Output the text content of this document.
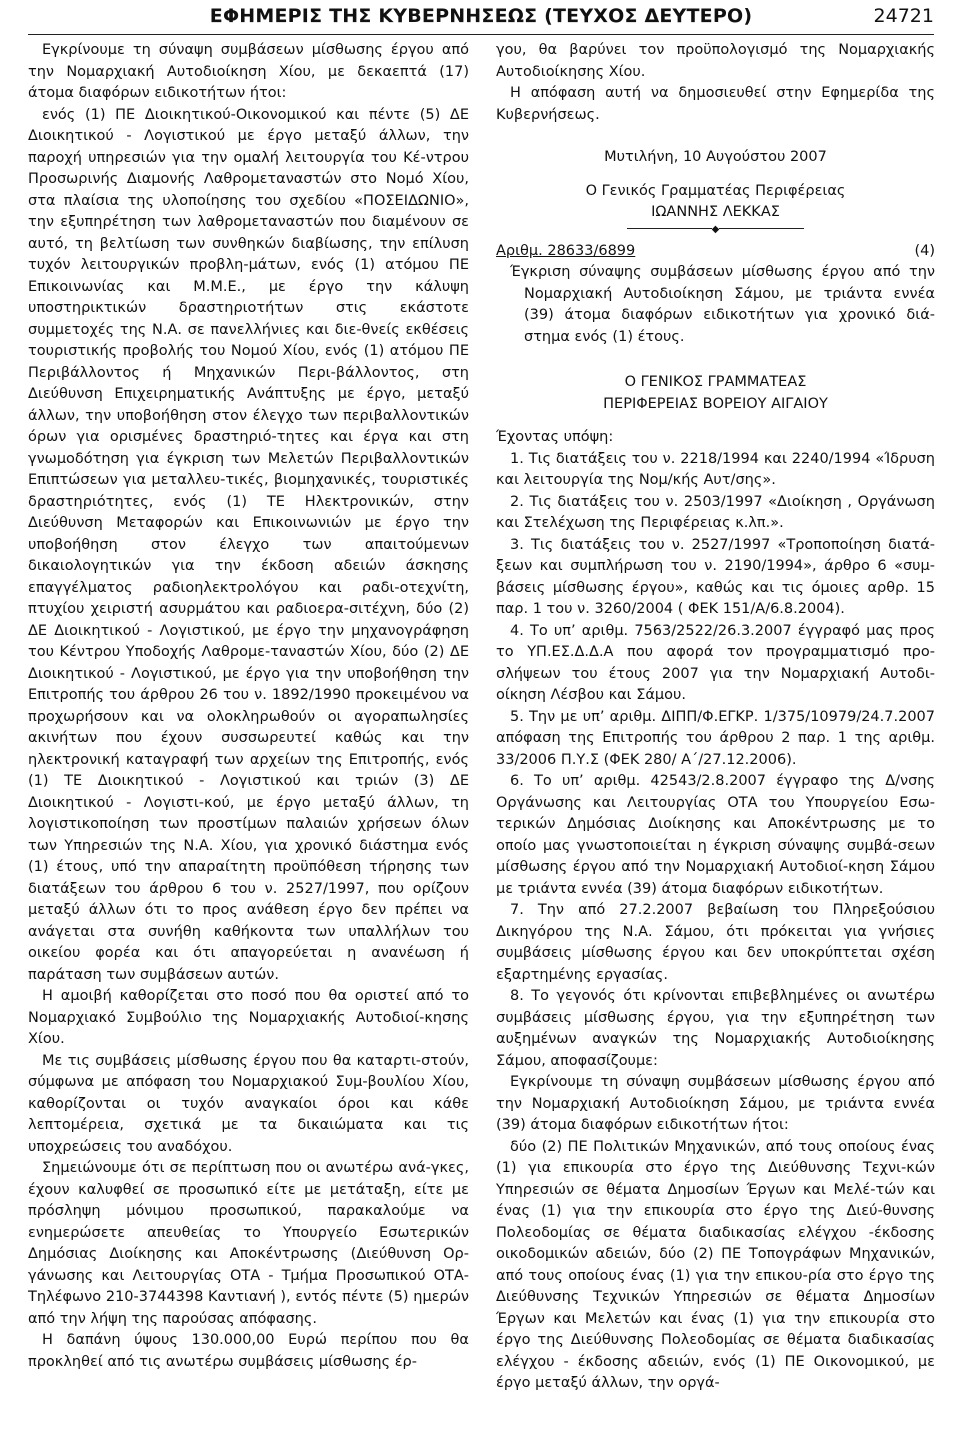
ΕΦΗΜΕΡΙΣ ΤΗΣ ΚΥΒΕΡΝΗΣΕΩΣ (ΤΕΥΧΟΣ ΔΕΥΤΕΡΟ)	24721

Εγκρίνουμε τη σύναψη συμβάσεων μίσθωσης έργου από την Νομαρχιακή Αυτοδιοίκηση Χίου, με δεκαεπτά (17) άτομα διαφόρων ειδικοτήτων ήτοι:

ενός (1) ΠΕ Διοικητικού-Οικονομικού και πέντε (5) ΔΕ Διοικητικού - Λογιστικού με έργο μεταξύ άλλων, την παροχή υπηρεσιών για την ομαλή λειτουργία του Κέ-ντρου Προσωρινής Διαμονής Λαθρομεταναστών στο Νομό Χίου, στα πλαίσια της υλοποίησης του σχεδίου «ΠΟΣΕΙΔΩΝΙΟ», την εξυπηρέτηση των λαθρομεταναστών που διαμένουν σε αυτό, τη βελτίωση των συνθηκών διαβίωσης, την επίλυση τυχόν λειτουργικών προβλη-μάτων, ενός (1) ατόμου ΠΕ Επικοινωνίας και Μ.Μ.Ε., με έργο την κάλυψη υποστηρικτικών δραστηριοτήτων στις εκάστοτε συμμετοχές της Ν.Α. σε πανελλήνιες και διε-θνείς εκθέσεις τουριστικής προβολής του Νομού Χίου, ενός (1) ατόμου ΠΕ Περιβάλλοντος ή Μηχανικών Περι-βάλλοντος, στη Διεύθυνση Επιχειρηματικής Ανάπτυξης με έργο, μεταξύ άλλων, την υποβοήθηση στον έλεγχο των περιβαλλοντικών όρων για ορισμένες δραστηριό-τητες και έργα και στη γνωμοδότηση για έγκριση των Μελετών Περιβαλλοντικών Επιπτώσεων για μεταλλευ-τικές, βιομηχανικές, τουριστικές δραστηριότητες, ενός (1) ΤΕ Ηλεκτρονικών, στην Διεύθυνση Μεταφορών και Επικοινωνιών με έργο την υποβοήθηση στον έλεγχο των απαιτούμενων δικαιολογητικών για την έκδοση αδειών άσκησης επαγγέλματος ραδιοηλεκτρολόγου και ραδι-οτεχνίτη, πτυχίου χειριστή ασυρμάτου και ραδιοερα-σιτέχνη, δύο (2) ΔΕ Διοικητικού - Λογιστικού, με έργο την μηχανογράφηση του Κέντρου Υποδοχής Λαθρομε-ταναστών Χίου, δύο (2) ΔΕ Διοικητικού - Λογιστικού, με έργο για την υποβοήθηση την Επιτροπής του άρθρου 26 του ν. 1892/1990 προκειμένου να προχωρήσουν και να ολοκληρωθούν οι αγοραπωλησίες ακινήτων που έχουν συσσωρευτεί καθώς και την ηλεκτρονική καταγραφή των αρχείων της Επιτροπής, ενός (1) ΤΕ Διοικητικού - Λογιστικού και τριών (3) ΔΕ Διοικητικού - Λογιστι-κού, με έργο μεταξύ άλλων, τη λογιστικοποίηση των προστίμων παλαιών χρήσεων όλων των Υπηρεσιών της Ν.Α. Χίου, για χρονικό διάστημα ενός (1) έτους, υπό την απαραίτητη προϋπόθεση τήρησης των διατάξεων του άρθρου 6 του ν. 2527/1997, που ορίζουν μεταξύ άλλων ότι το προς ανάθεση έργο δεν πρέπει να ανάγεται στα συνήθη καθήκοντα των υπαλλήλων του οικείου φορέα και ότι απαγορεύεται η ανανέωση ή παράταση των συμβάσεων αυτών.

Η αμοιβή καθορίζεται στο ποσό που θα οριστεί από το Νομαρχιακό Συμβούλιο της Νομαρχιακής Αυτοδιοί-κησης Χίου.

Με τις συμβάσεις μίσθωσης έργου που θα καταρτι-στούν, σύμφωνα με απόφαση του Νομαρχιακού Συμ-βουλίου Χίου, καθορίζονται οι τυχόν αναγκαίοι όροι και κάθε λεπτομέρεια, σχετικά με τα δικαιώματα και τις υποχρεώσεις του αναδόχου.

Σημειώνουμε ότι σε περίπτωση που οι ανωτέρω ανά-γκες, έχουν καλυφθεί σε προσωπικό είτε με μετάταξη, είτε με πρόσληψη μόνιμου προσωπικού, παρακαλούμε να ενημερώσετε απευθείας το Υπουργείο Εσωτερικών Δημόσιας Διοίκησης και Αποκέντρωσης (Διεύθυνση Ορ-γάνωσης και Λειτουργίας ΟΤΑ - Τμήμα Προσωπικού ΟΤΑ- Τηλέφωνο 210-3744398 Καντιανή ), εντός πέντε (5) ημερών από την λήψη της παρούσας απόφασης.

Η δαπάνη ύψους 130.000,00 Ευρώ περίπου που θα προκληθεί από τις ανωτέρω συμβάσεις μίσθωσης έρ-

γου, θα βαρύνει τον προϋπολογισμό της Νομαρχιακής Αυτοδιοίκησης Χίου.

Η απόφαση αυτή να δημοσιευθεί στην Εφημερίδα της Κυβερνήσεως.

Μυτιλήνη, 10 Αυγούστου 2007

Ο Γενικός Γραμματέας Περιφέρειας

ΙΩΑΝΝΗΣ ΛΕΚΚΑΣ

◆
Αριθμ. 28633/6899	(4)

Έγκριση σύναψης συμβάσεων μίσθωσης έργου από την Νομαρχιακή Αυτοδιοίκηση Σάμου, με τριάντα εννέα (39) άτομα διαφόρων ειδικοτήτων για χρονικό διά-στημα ενός (1) έτους.

Ο ΓΕΝΙΚΟΣ ΓΡΑΜΜΑΤΕΑΣ

ΠΕΡΙΦΕΡΕΙΑΣ ΒΟΡΕΙΟΥ ΑΙΓΑΙΟΥ

Έχοντας υπόψη:

1. Τις διατάξεις του ν. 2218/1994 και 2240/1994 «Ίδρυση και λειτουργία της Νομ/κής Αυτ/σης».

2. Τις διατάξεις του ν. 2503/1997 «Διοίκηση , Οργάνωση και Στελέχωση της Περιφέρειας κ.λπ.».

3. Τις διατάξεις του ν. 2527/1997 «Τροποποίηση διατά-ξεων και συμπλήρωση του ν. 2190/1994», άρθρο 6 «συμ-βάσεις μίσθωσης έργου», καθώς και τις όμοιες αρθρ. 15 παρ. 1 του ν. 3260/2004 ( ΦΕΚ 151/Α/6.8.2004).

4. Το υπ’ αριθμ. 7563/2522/26.3.2007 έγγραφό μας προς το ΥΠ.ΕΣ.Δ.Δ.Α που αφορά τον προγραμματισμό προ-σλήψεων του έτους 2007 για την Νομαρχιακή Αυτοδι-οίκηση Λέσβου και Σάμου.

5. Την με υπ’ αριθμ. ΔΙΠΠ/Φ.ΕΓΚΡ. 1/375/10979/24.7.2007 απόφαση της Επιτροπής του άρθρου 2 παρ. 1 της αριθμ. 33/2006 Π.Υ.Σ (ΦΕΚ 280/ Α΄/27.12.2006).

6. Το υπ’ αριθμ. 42543/2.8.2007 έγγραφο της Δ/νσης Οργάνωσης και Λειτουργίας ΟΤΑ του Υπουργείου Εσω-τερικών Δημόσιας Διοίκησης και Αποκέντρωσης με το οποίο μας γνωστοποιείται η έγκριση σύναψης συμβά-σεων μίσθωσης έργου από την Νομαρχιακή Αυτοδιοί-κηση Σάμου με τριάντα εννέα (39) άτομα διαφόρων ειδικοτήτων.

7. Την από 27.2.2007 βεβαίωση του Πληρεξούσιου Δικηγόρου της Ν.Α. Σάμου, ότι πρόκειται για γνήσιες συμβάσεις μίσθωσης έργου και δεν υποκρύπτεται σχέση εξαρτημένης εργασίας.

8. Το γεγονός ότι κρίνονται επιβεβλημένες οι ανωτέρω συμβάσεις μίσθωσης έργου, για την εξυπηρέτηση των αυξημένων αναγκών της Νομαρχιακής Αυτοδιοίκησης Σάμου, αποφασίζουμε:

Εγκρίνουμε τη σύναψη συμβάσεων μίσθωσης έργου από την Νομαρχιακή Αυτοδιοίκηση Σάμου, με τριάντα εννέα (39) άτομα διαφόρων ειδικοτήτων ήτοι:

δύο (2) ΠΕ Πολιτικών Μηχανικών, από τους οποίους ένας (1) για επικουρία στο έργο της Διεύθυνσης Τεχνι-κών Υπηρεσιών σε θέματα Δημοσίων Έργων και Μελέ-τών και ένας (1) για την επικουρία στο έργο της Διεύ-θυνσης Πολεοδομίας σε θέματα διαδικασίας ελέγχου -έκδοσης οικοδομικών αδειών, δύο (2) ΠΕ Τοπογράφων Μηχανικών, από τους οποίους ένας (1) για την επικου-ρία στο έργο της Διεύθυνσης Τεχνικών Υπηρεσιών σε θέματα Δημοσίων Έργων και Μελετών και ένας (1) για την επικουρία στο έργο της Διεύθυνσης Πολεοδομίας σε θέματα διαδικασίας ελέγχου - έκδοσης αδειών, ενός (1) ΠΕ Οικονομικού, με έργο μεταξύ άλλων, την οργά-
